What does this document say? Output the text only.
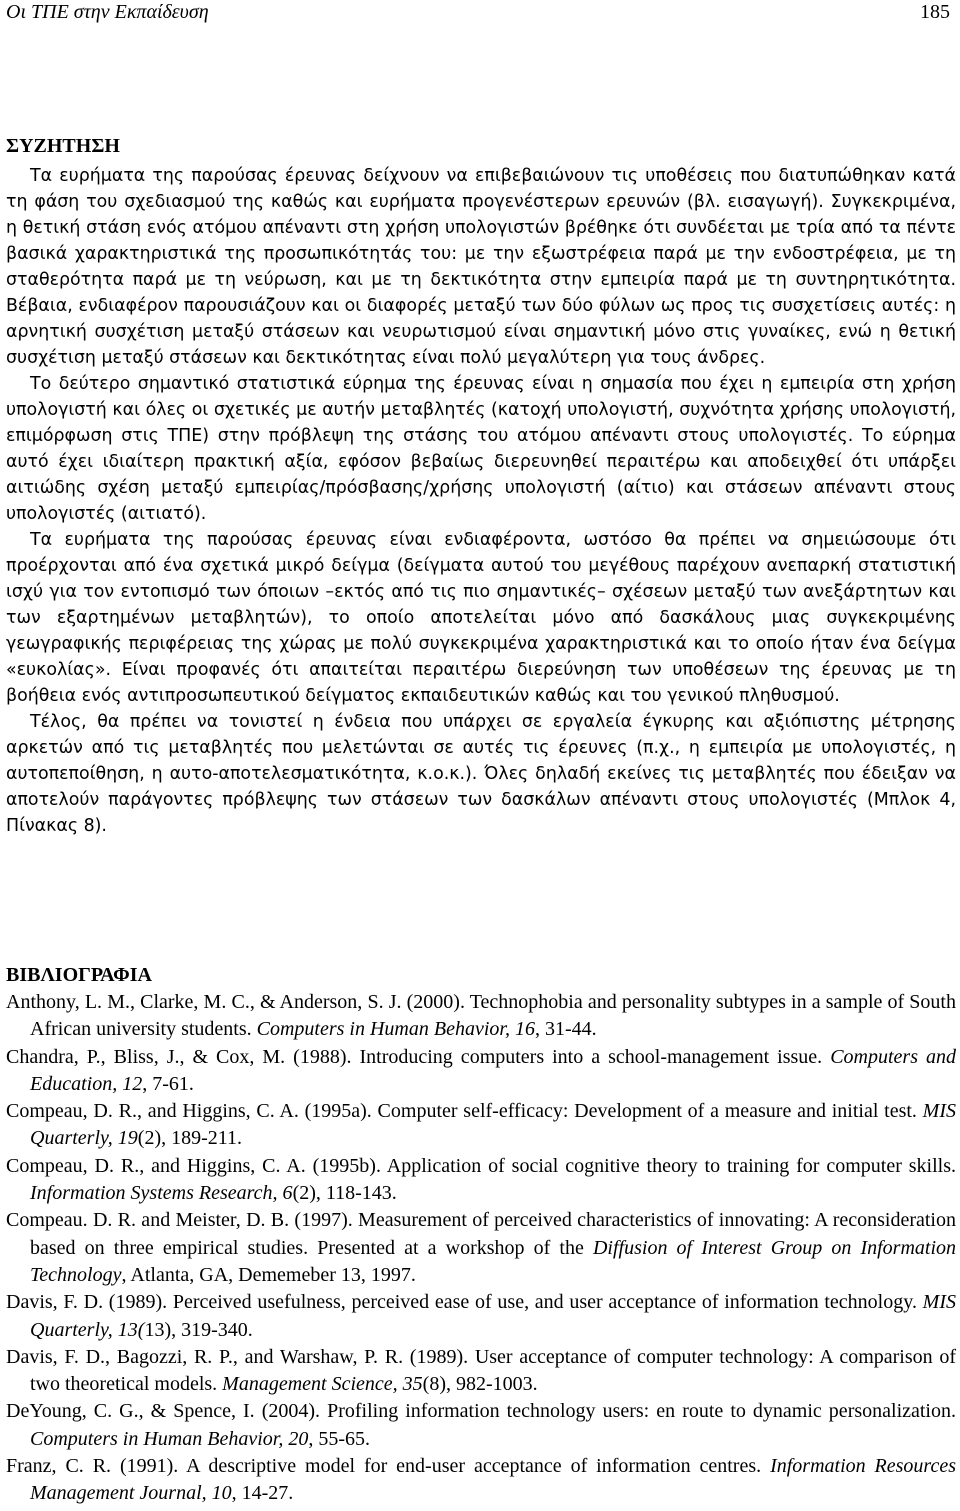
Οι ΤΠΕ στην Εκπαίδευση	185
ΣΥΖΗΤΗΣΗ

Τα ευρήματα της παρούσας έρευνας δείχνουν να επιβεβαιώνουν τις υποθέσεις που διατυπώθηκαν κατά τη φάση του σχεδιασμού της καθώς και ευρήματα προγενέστερων ερευνών (βλ. εισαγωγή). Συγκεκριμένα, η θετική στάση ενός ατόμου απέναντι στη χρήση υπολογιστών βρέθηκε ότι συνδέεται με τρία από τα πέντε βασικά χαρακτηριστικά της προσωπικότητάς του: με την εξωστρέφεια παρά με την ενδοστρέφεια, με τη σταθερότητα παρά με τη νεύρωση, και με τη δεκτικότητα στην εμπειρία παρά με τη συντηρητικότητα. Βέβαια, ενδιαφέρον παρουσιάζουν και οι διαφορές μεταξύ των δύο φύλων ως προς τις συσχετίσεις αυτές: η αρνητική συσχέτιση μεταξύ στάσεων και νευρωτισμού είναι σημαντική μόνο στις γυναίκες, ενώ η θετική συσχέτιση μεταξύ στάσεων και δεκτικότητας είναι πολύ μεγαλύτερη για τους άνδρες.

Το δεύτερο σημαντικό στατιστικά εύρημα της έρευνας είναι η σημασία που έχει η εμπειρία στη χρήση υπολογιστή και όλες οι σχετικές με αυτήν μεταβλητές (κατοχή υπολογιστή, συχνότητα χρήσης υπολογιστή, επιμόρφωση στις ΤΠΕ) στην πρόβλεψη της στάσης του ατόμου απέναντι στους υπολογιστές. Το εύρημα αυτό έχει ιδιαίτερη πρακτική αξία, εφόσον βεβαίως διερευνηθεί περαιτέρω και αποδειχθεί ότι υπάρξει αιτιώδης σχέση μεταξύ εμπειρίας/πρόσβασης/χρήσης υπολογιστή (αίτιο) και στάσεων απέναντι στους υπολογιστές (αιτιατό).

Τα ευρήματα της παρούσας έρευνας είναι ενδιαφέροντα, ωστόσο θα πρέπει να σημειώσουμε ότι προέρχονται από ένα σχετικά μικρό δείγμα (δείγματα αυτού του μεγέθους παρέχουν ανεπαρκή στατιστική ισχύ για τον εντοπισμό των όποιων –εκτός από τις πιο σημαντικές– σχέσεων μεταξύ των ανεξάρτητων και των εξαρτημένων μεταβλητών), το οποίο αποτελείται μόνο από δασκάλους μιας συγκεκριμένης γεωγραφικής περιφέρειας της χώρας με πολύ συγκεκριμένα χαρακτηριστικά και το οποίο ήταν ένα δείγμα «ευκολίας». Είναι προφανές ότι απαιτείται περαιτέρω διερεύνηση των υποθέσεων της έρευνας με τη βοήθεια ενός αντιπροσωπευτικού δείγματος εκπαιδευτικών καθώς και του γενικού πληθυσμού.

Τέλος, θα πρέπει να τονιστεί η ένδεια που υπάρχει σε εργαλεία έγκυρης και αξιόπιστης μέτρησης αρκετών από τις μεταβλητές που μελετώνται σε αυτές τις έρευνες (π.χ., η εμπειρία με υπολογιστές, η αυτοπεποίθηση, η αυτο-αποτελεσματικότητα, κ.ο.κ.). Όλες δηλαδή εκείνες τις μεταβλητές που έδειξαν να αποτελούν παράγοντες πρόβλεψης των στάσεων των δασκάλων απέναντι στους υπολογιστές (Μπλοκ 4, Πίνακας 8).

ΒΙΒΛΙΟΓΡΑΦΙΑ
Anthony, L. M., Clarke, M. C., & Anderson, S. J. (2000). Technophobia and personality subtypes in a sample of South African university students. Computers in Human Behavior, 16, 31-44.
Chandra, P., Bliss, J., & Cox, M. (1988). Introducing computers into a school-management issue. Computers and Education, 12, 7-61.
Compeau, D. R., and Higgins, C. A. (1995a). Computer self-efficacy: Development of a measure and initial test. MIS Quarterly, 19(2), 189-211.
Compeau, D. R., and Higgins, C. A. (1995b). Application of social cognitive theory to training for computer skills. Information Systems Research, 6(2), 118-143.
Compeau. D. R. and Meister, D. B. (1997). Measurement of perceived characteristics of innovating: A reconsideration based on three empirical studies. Presented at a workshop of the Diffusion of Interest Group on Information Technology, Atlanta, GA, Dememeber 13, 1997.
Davis, F. D. (1989). Perceived usefulness, perceived ease of use, and user acceptance of information technology. MIS Quarterly, 13(13), 319-340.
Davis, F. D., Bagozzi, R. P., and Warshaw, P. R. (1989). User acceptance of computer technology: A comparison of two theoretical models. Management Science, 35(8), 982-1003.
DeYoung, C. G., & Spence, I. (2004). Profiling information technology users: en route to dynamic personalization. Computers in Human Behavior, 20, 55-65.
Franz, C. R. (1991). A descriptive model for end-user acceptance of information centres. Information Resources Management Journal, 10, 14-27.
